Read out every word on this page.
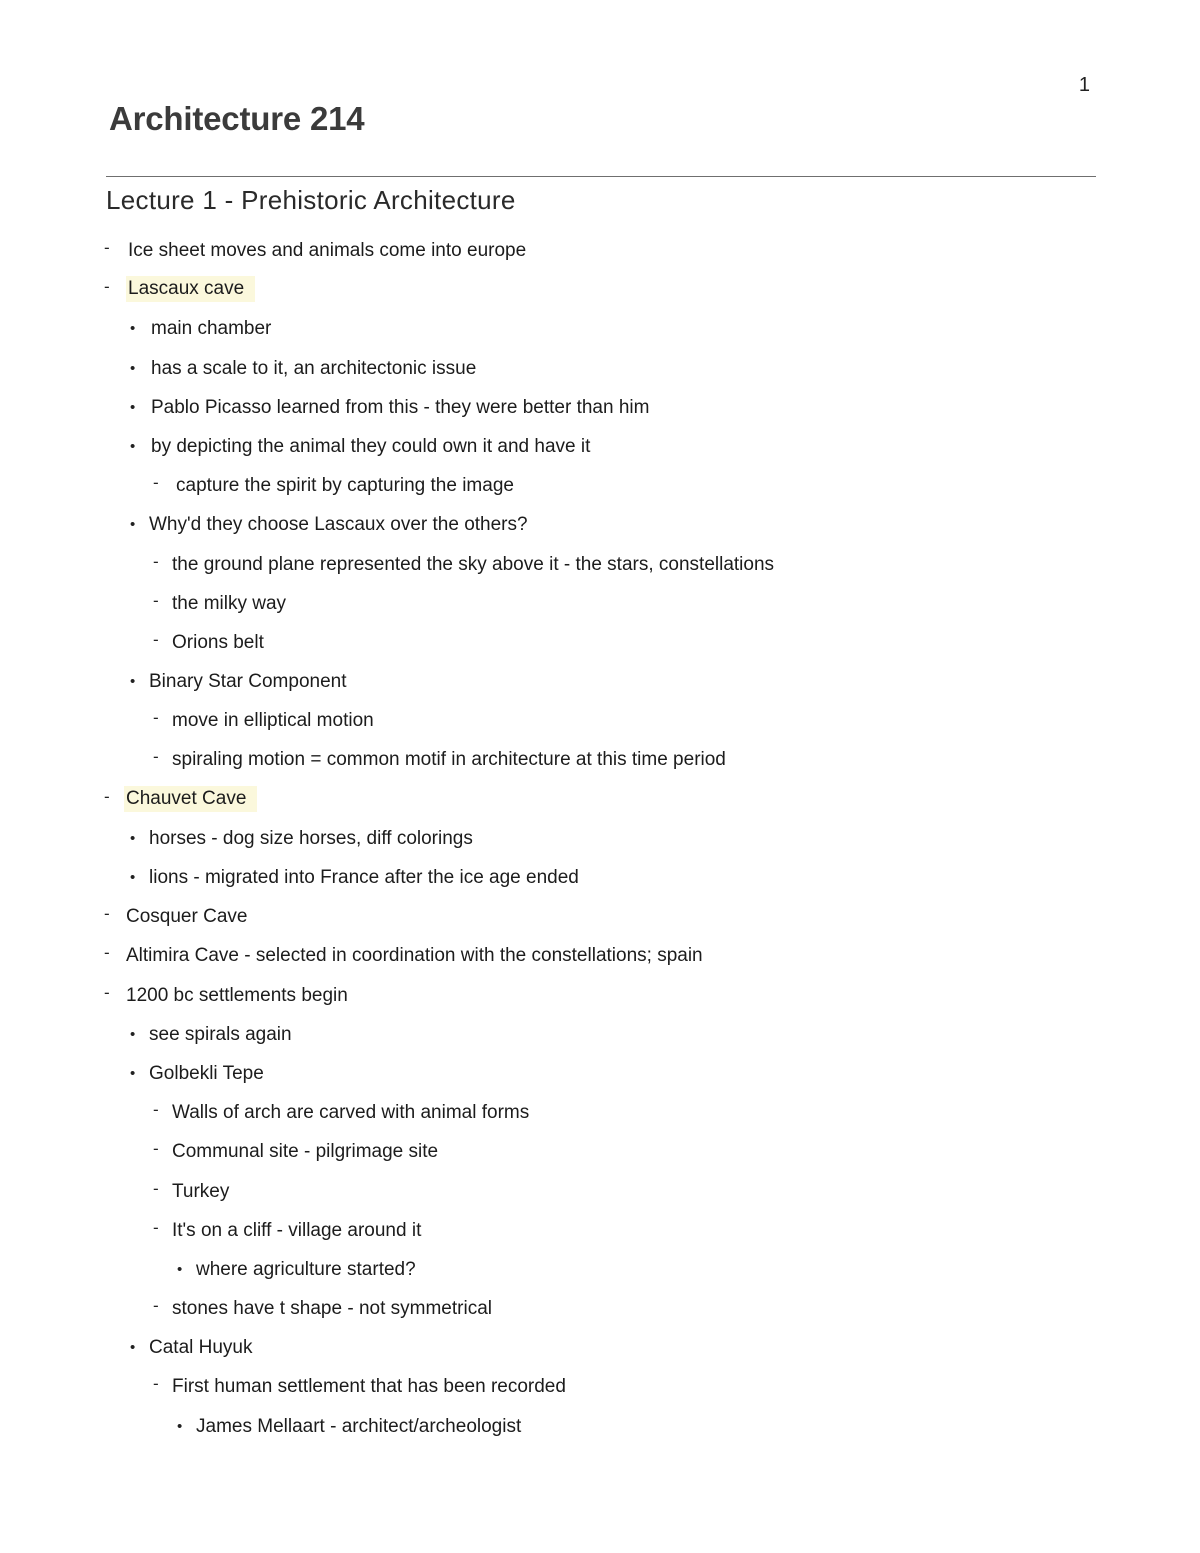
1
Architecture 214
Lecture 1 - Prehistoric Architecture
- Ice sheet moves and animals come into europe
- Lascaux cave
• main chamber
• has a scale to it, an architectonic issue
• Pablo Picasso learned from this - they were better than him
• by depicting the animal they could own it and have it
- capture the spirit by capturing the image
• Why'd they choose Lascaux over the others?
- the ground plane represented the sky above it - the stars, constellations
- the milky way
- Orions belt
• Binary Star Component
- move in elliptical motion
- spiraling motion = common motif in architecture at this time period
- Chauvet Cave
• horses - dog size horses, diff colorings
• lions - migrated into France after the ice age ended
- Cosquer Cave
- Altimira Cave - selected in coordination with the constellations; spain
- 1200 bc settlements begin
• see spirals again
• Golbekli Tepe
- Walls of arch are carved with animal forms
- Communal site - pilgrimage site
- Turkey
- It's on a cliff - village around it
• where agriculture started?
- stones have t shape - not symmetrical
• Catal Huyuk
- First human settlement that has been recorded
• James Mellaart - architect/archeologist
